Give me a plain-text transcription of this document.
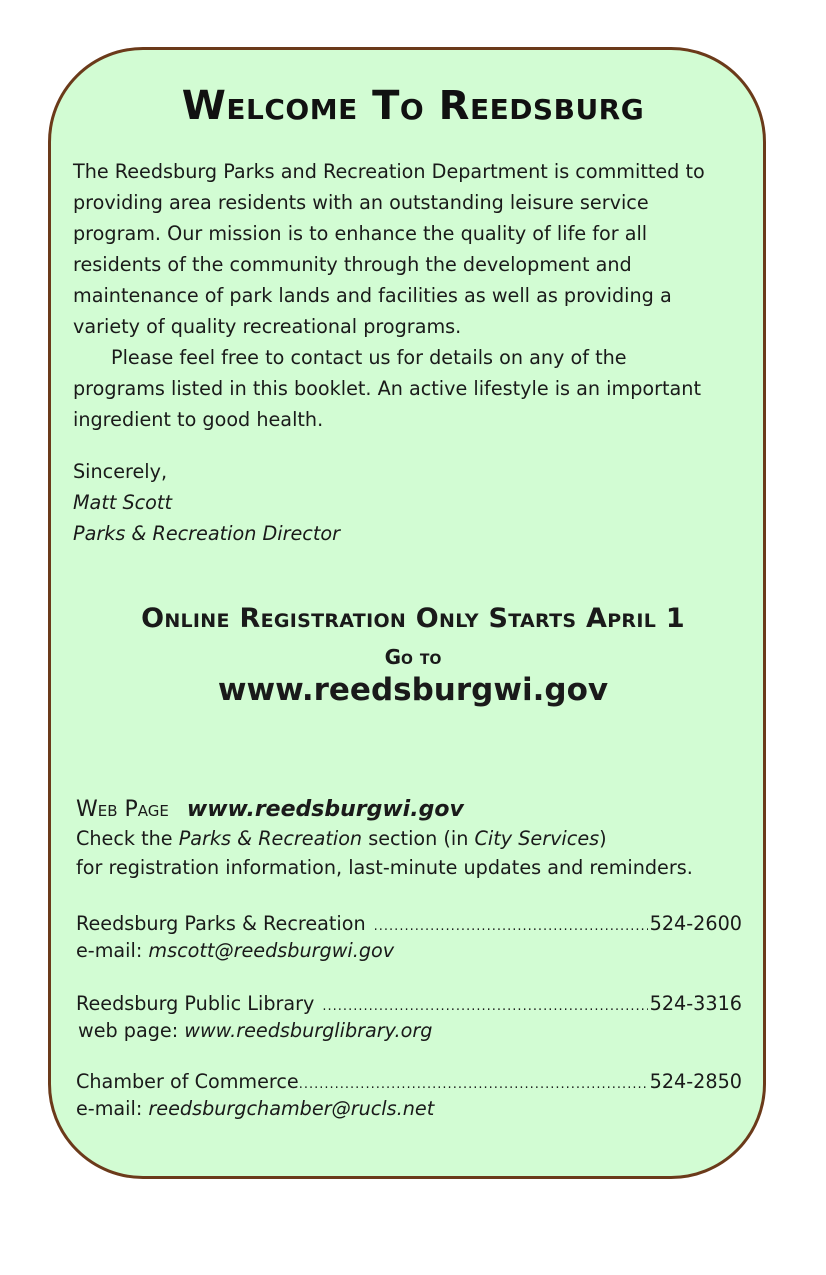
Welcome To Reedsburg

The Reedsburg Parks and Recreation Department is committed to providing area residents with an outstanding leisure service program. Our mission is to enhance the quality of life for all residents of the community through the development and maintenance of park lands and facilities as well as providing a variety of quality recreational programs.

Please feel free to contact us for details on any of the programs listed in this booklet. An active lifestyle is an important ingredient to good health.

Sincerely,
Matt Scott
Parks & Recreation Director
Online Registration Only Starts April 1
Go to
www.reedsburgwi.gov
Web Page www.reedsburgwi.gov
Check the Parks & Recreation section (in City Services)
for registration information, last-minute updates and reminders.
Reedsburg Parks & Recreation .....	524-2600
e-mail: mscott@reedsburgwi.gov
Reedsburg Public Library .....	524-3316
web page: www.reedsburglibrary.org
Chamber of Commerce .....	524-2850
e-mail: reedsburgchamber@rucls.net
